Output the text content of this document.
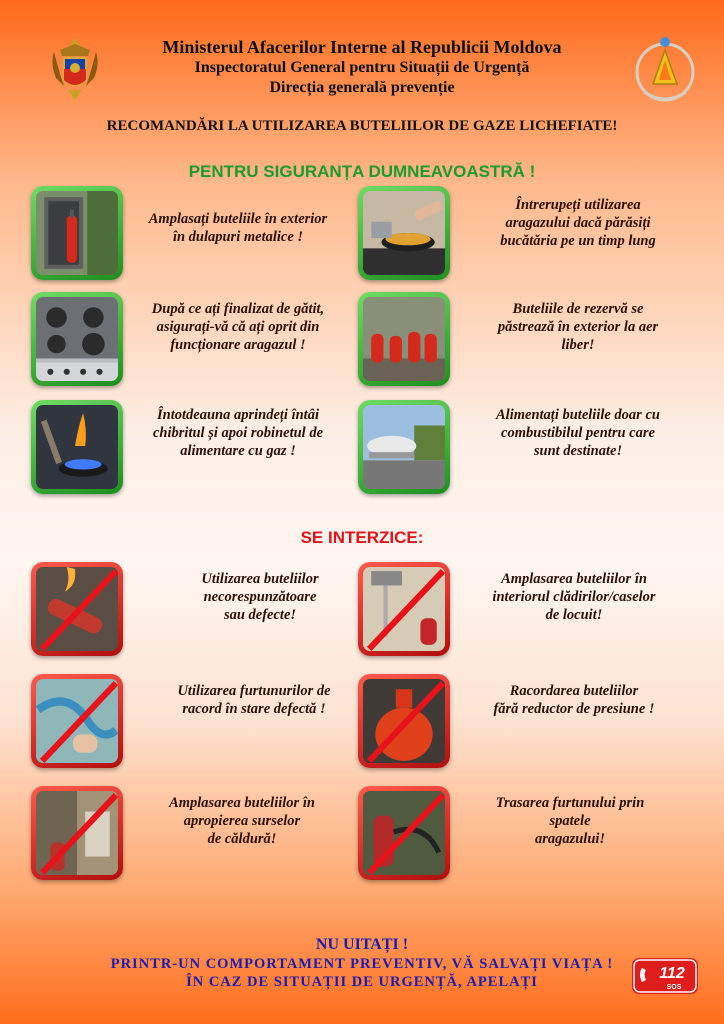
Ministerul Afacerilor Interne al Republicii Moldova
Inspectoratul General pentru Situații de Urgență
Direcția generală prevenție
RECOMANDĂRI LA UTILIZAREA BUTELIILOR DE GAZE LICHEFIATE!
PENTRU SIGURANȚA DUMNEAVOASTRĂ !
Amplasați buteliile în exterior
în dulapuri metalice !
Întrerupeți utilizarea
aragazului dacă părăsiți
bucătăria pe un timp lung
După ce ați finalizat de gătit,
asigurați-vă că ați oprit din
funcționare aragazul !
Buteliile de rezervă se
păstrează în exterior la aer
liber!
Întotdeauna aprindeți întâi
chibritul și apoi robinetul de
alimentare cu gaz !
Alimentați buteliile doar cu
combustibilul pentru care
sunt destinate!
SE INTERZICE:
Utilizarea buteliilor
necorespunzătoare
sau defecte!
Amplasarea buteliilor în
interiorul clădirilor/caselor
de locuit!
Utilizarea furtunurilor de
racord în stare defectă !
Racordarea buteliilor
fără reductor de presiune !
Amplasarea buteliilor în
apropierea surselor
de căldură!
Trasarea furtunului prin
spatele
aragazului!
NU UITAȚI !
PRINTR-UN COMPORTAMENT PREVENTIV, VĂ SALVAȚI VIAȚA !
ÎN CAZ DE SITUAȚII DE URGENȚĂ, APELAȚI	112
SOS
